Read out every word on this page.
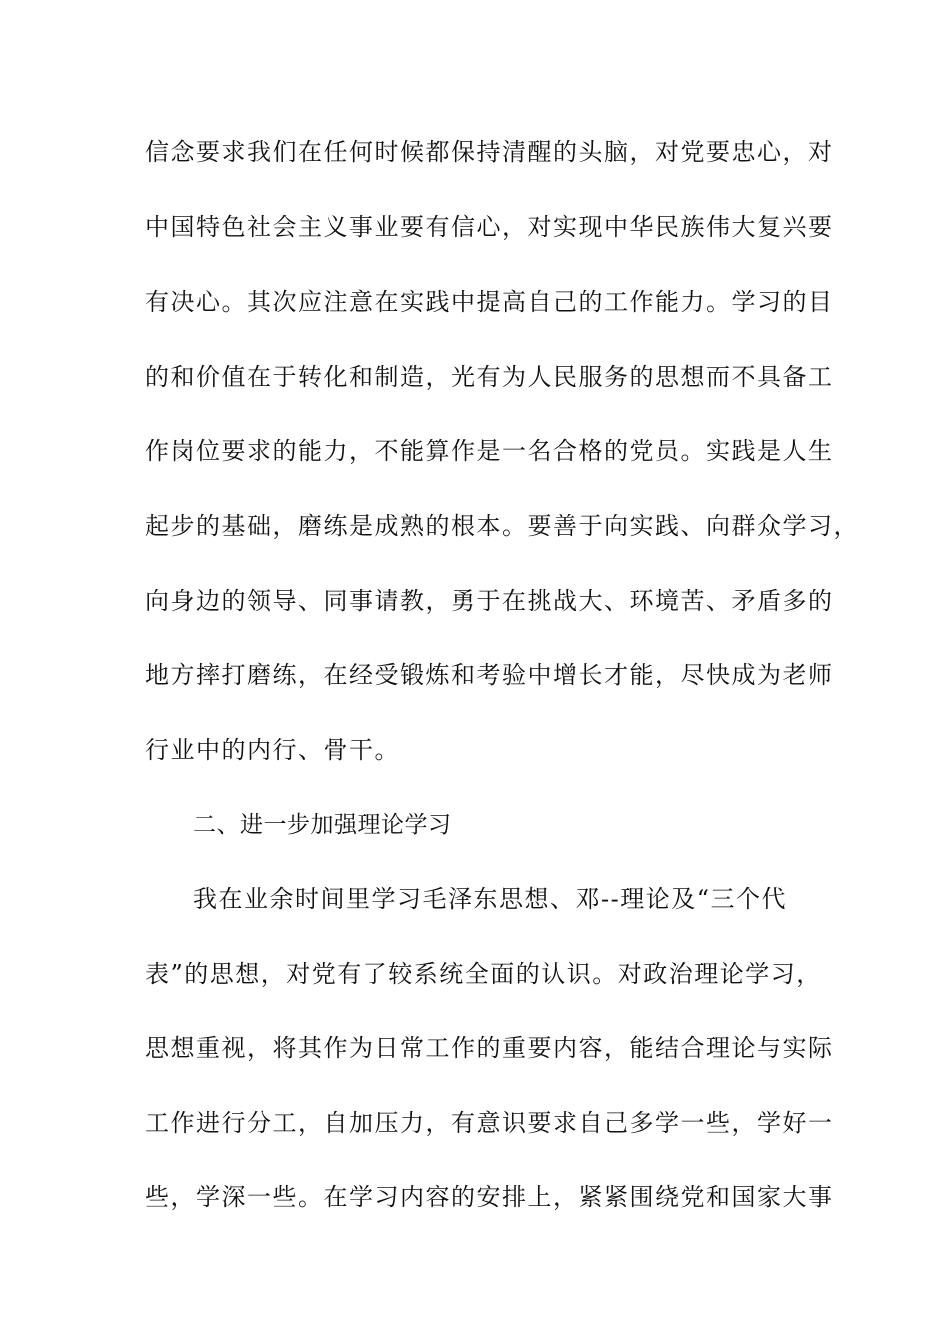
信念要求我们在任何时候都保持清醒的头脑，对党要忠心，对
中国特色社会主义事业要有信心，对实现中华民族伟大复兴要
有决心。其次应注意在实践中提高自己的工作能力。学习的目
的和价值在于转化和制造，光有为人民服务的思想而不具备工
作岗位要求的能力，不能算作是一名合格的党员。实践是人生
起步的基础，磨练是成熟的根本。要善于向实践、向群众学习，
向身边的领导、同事请教，勇于在挑战大、环境苦、矛盾多的
地方摔打磨练，在经受锻炼和考验中增长才能，尽快成为老师
行业中的内行、骨干。
二、进一步加强理论学习
我在业余时间里学习毛泽东思想、邓--理论及“三个代
表”的思想，对党有了较系统全面的认识。对政治理论学习，
思想重视，将其作为日常工作的重要内容，能结合理论与实际
工作进行分工，自加压力，有意识要求自己多学一些，学好一
些，学深一些。在学习内容的安排上，紧紧围绕党和国家大事
